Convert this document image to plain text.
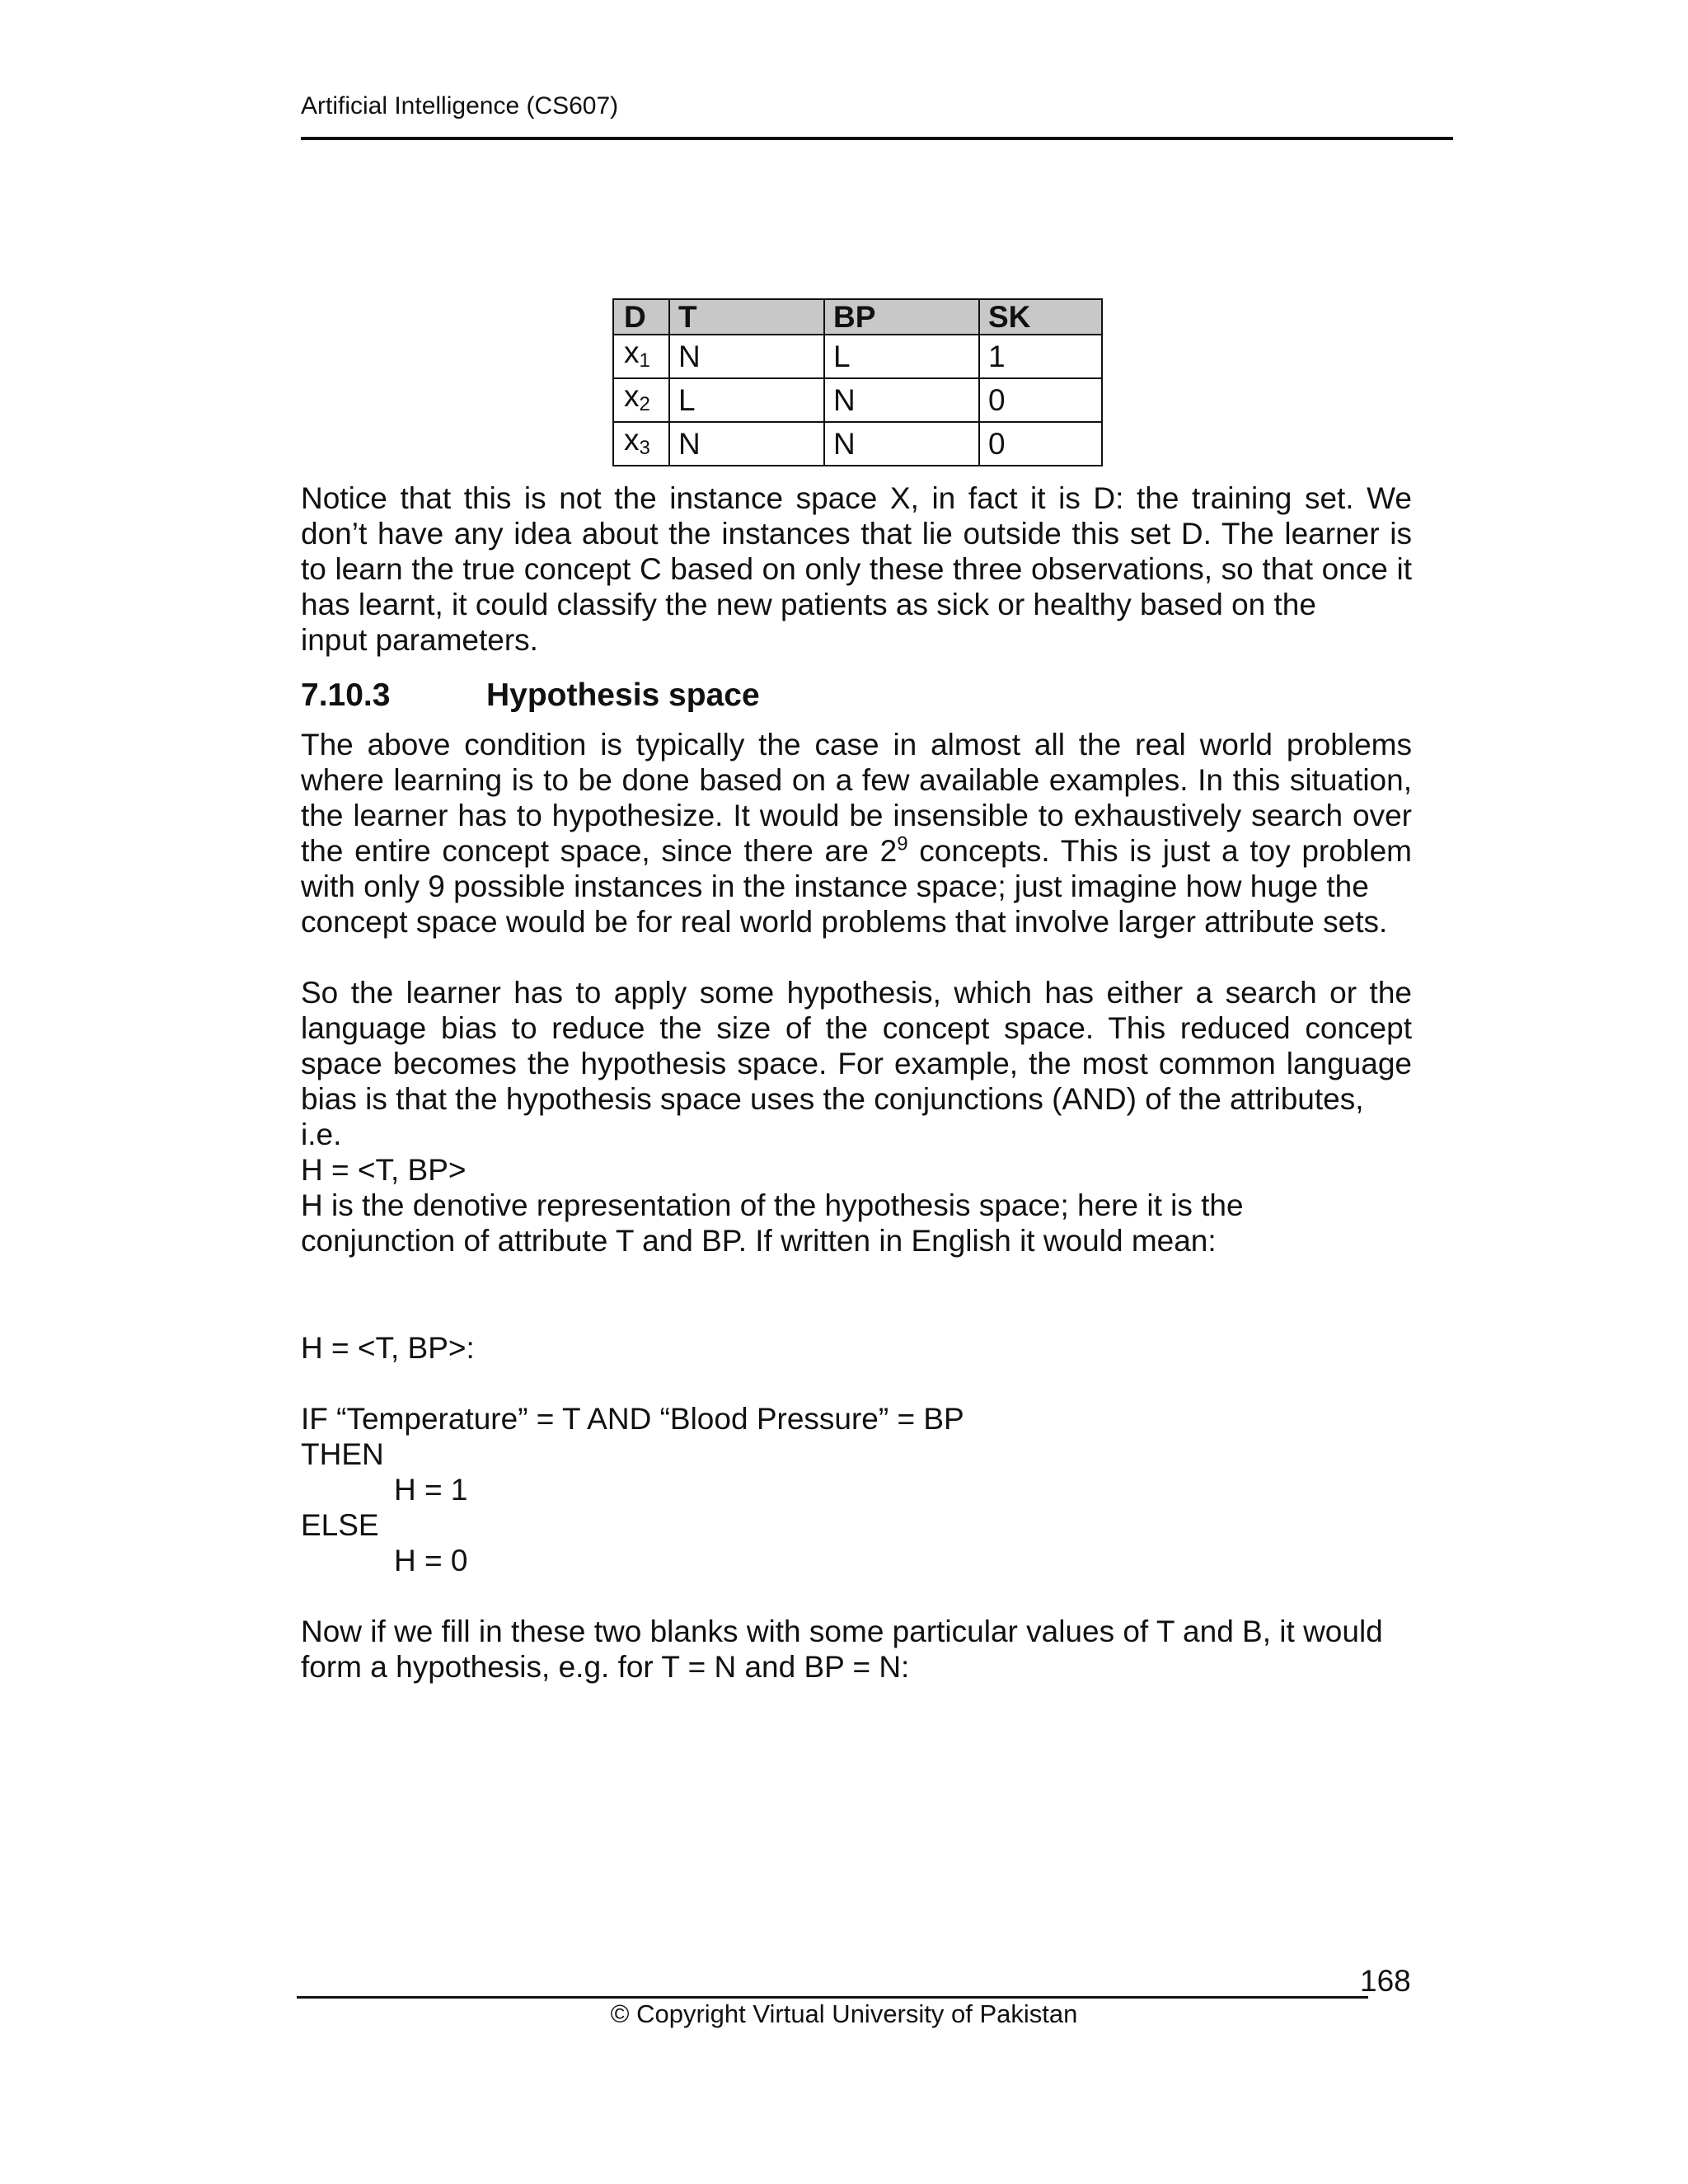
Artificial Intelligence (CS607)
D	T	BP	SK
$x_1$	N	L	1
$x_2$	L	N	0
$x_3$	N	N	0
Notice that this is not the instance space X, in fact it is D: the training set. We don’t have any idea about the instances that lie outside this set D. The learner is to learn the true concept C based on only these three observations, so that once it has learnt, it could classify the new patients as sick or healthy based on the
input parameters.
7.10.3	Hypothesis space
The above condition is typically the case in almost all the real world problems where learning is to be done based on a few available examples. In this situation, the learner has to hypothesize. It would be insensible to exhaustively search over the entire concept space, since there are $2^9$ concepts. This is just a toy problem with only 9 possible instances in the instance space; just imagine how huge the
concept space would be for real world problems that involve larger attribute sets.
So the learner has to apply some hypothesis, which has either a search or the language bias to reduce the size of the concept space. This reduced concept space becomes the hypothesis space. For example, the most common language bias is that the hypothesis space uses the conjunctions (AND) of the attributes,
i.e.
H = <T, BP>
H is the denotive representation of the hypothesis space; here it is the
conjunction of attribute T and BP. If written in English it would mean:
H = <T, BP>:
IF “Temperature” = T AND “Blood Pressure” = BP
THEN
H = 1
ELSE
H = 0
Now if we fill in these two blanks with some particular values of T and B, it would
form a hypothesis, e.g. for T = N and BP = N:
168
© Copyright Virtual University of Pakistan
